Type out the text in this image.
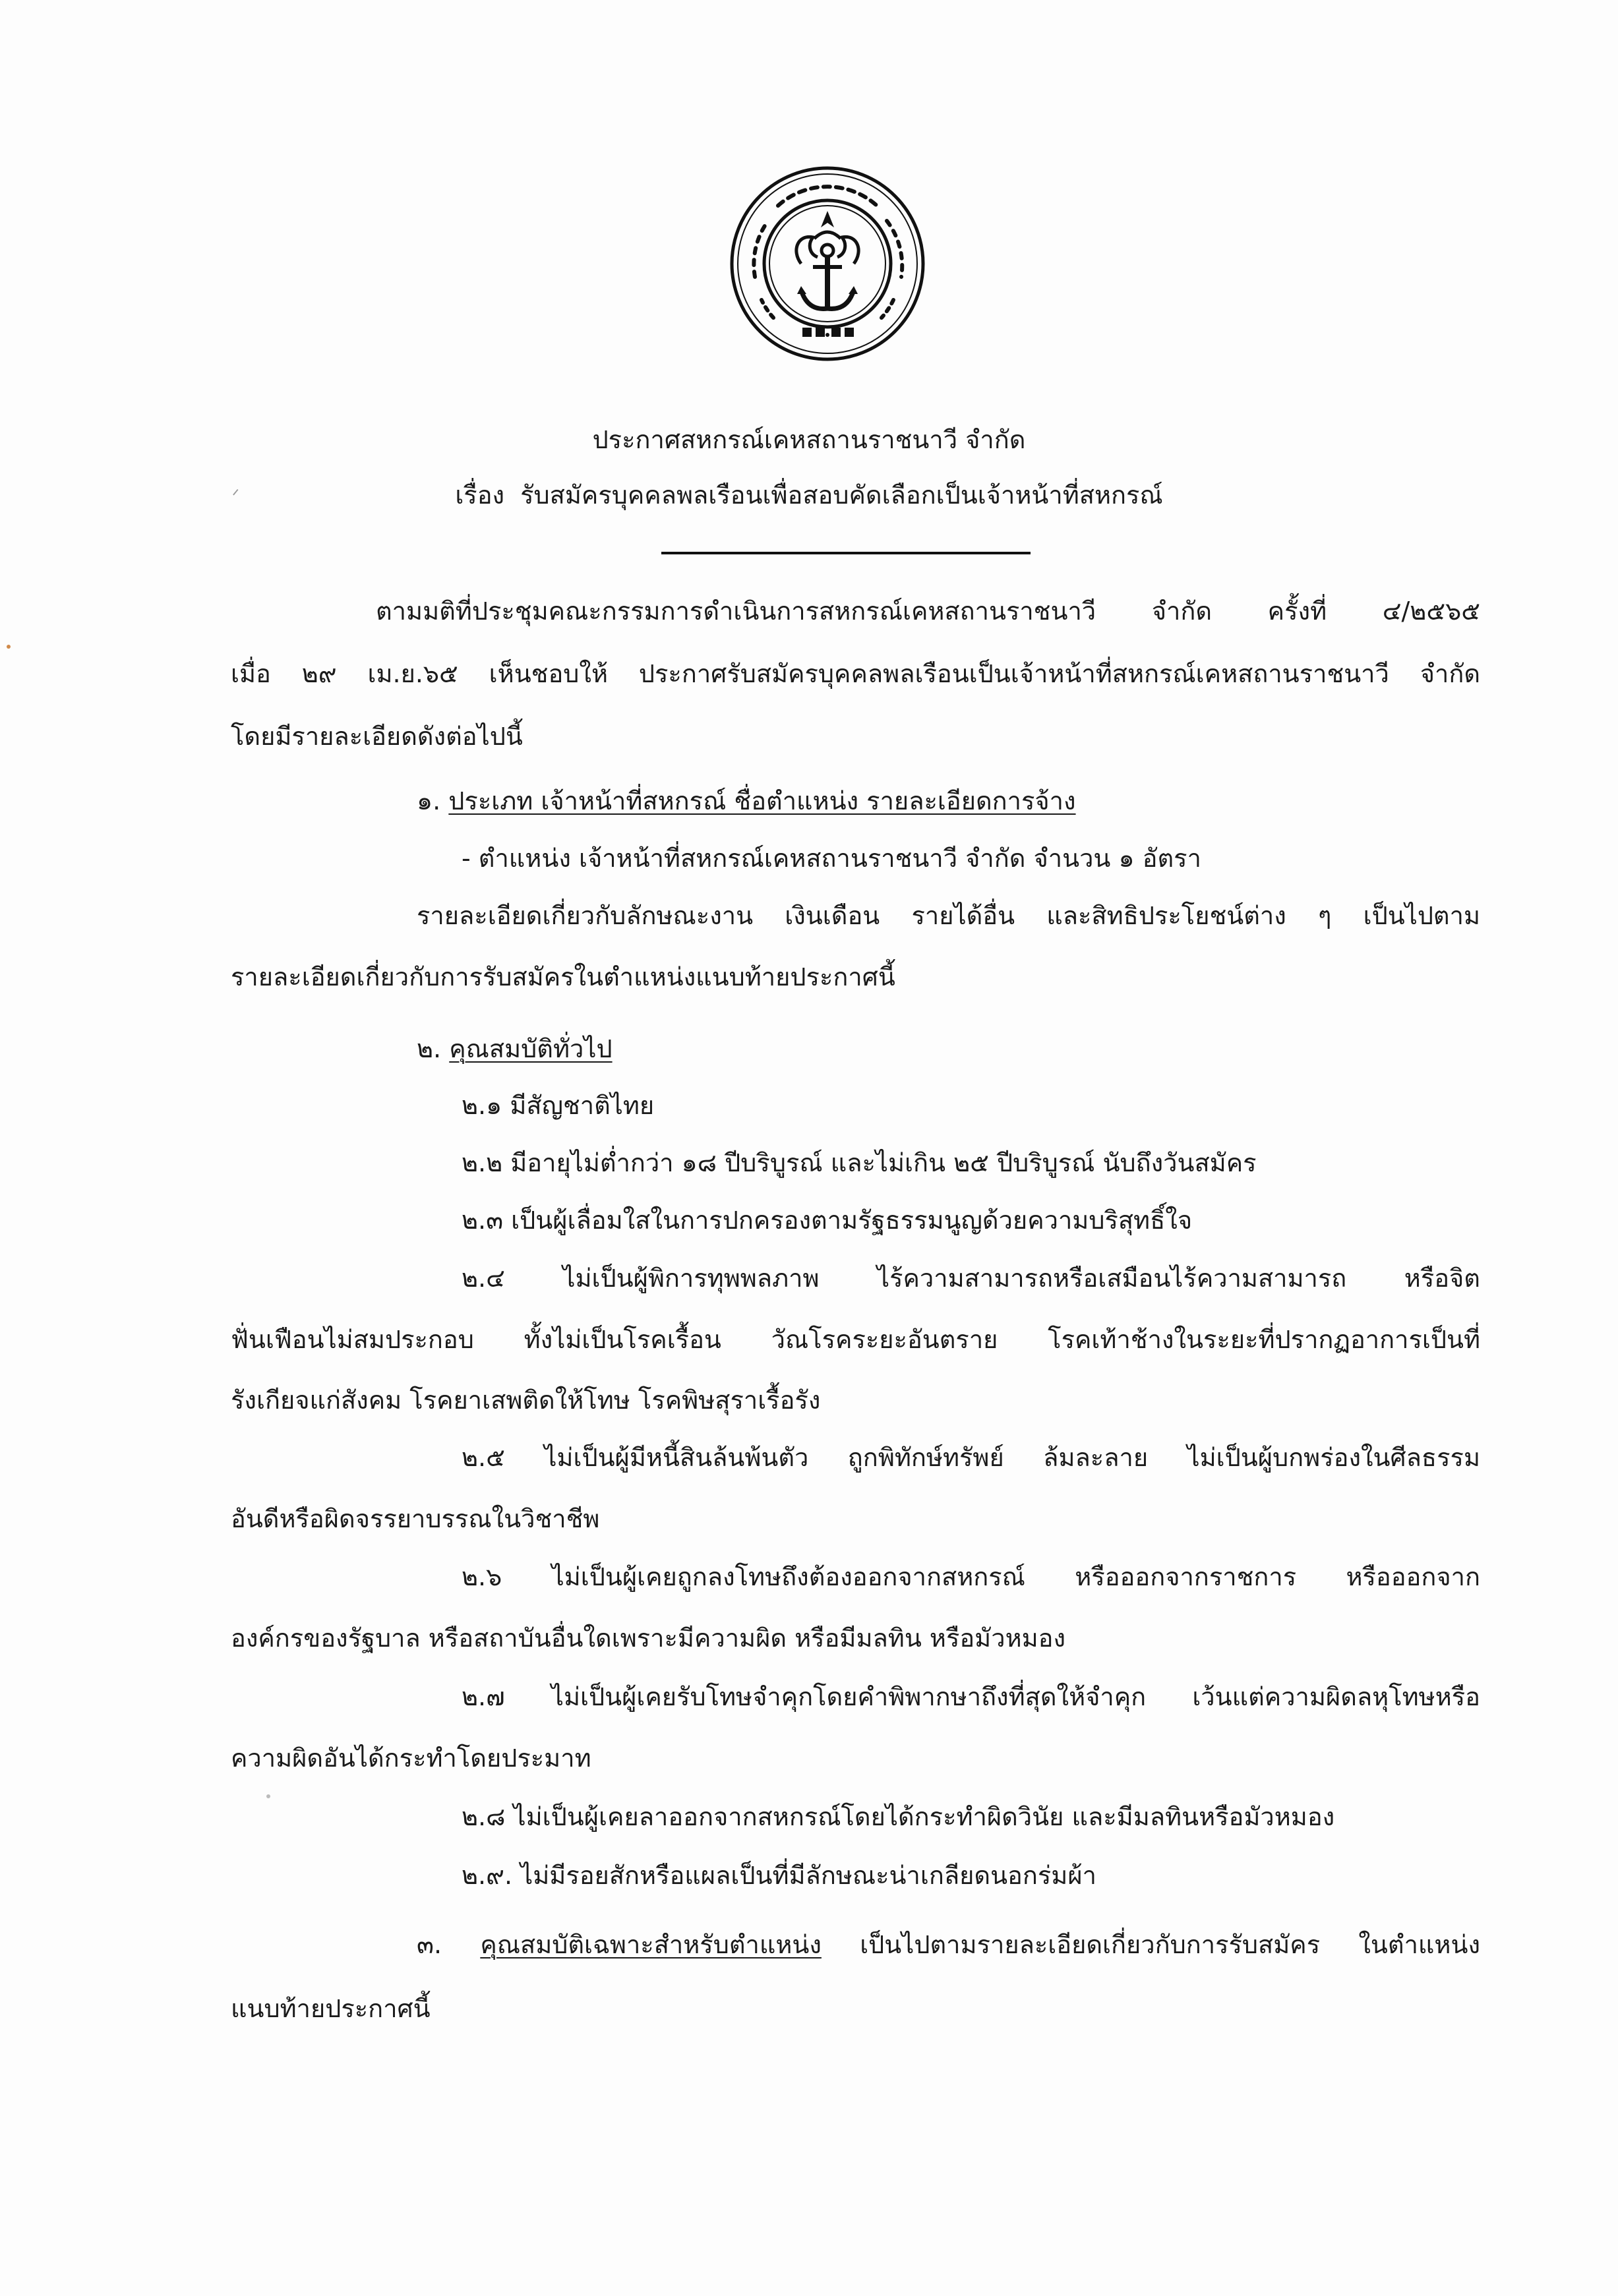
ประกาศสหกรณ์เคหสถานราชนาวี จำกัด
เรื่อง รับสมัครบุคคลพลเรือนเพื่อสอบคัดเลือกเป็นเจ้าหน้าที่สหกรณ์
ᐟ
ตามมติที่ประชุมคณะกรรมการดำเนินการสหกรณ์เคหสถานราชนาวี จำกัด ครั้งที่ ๔/๒๕๖๕
เมื่อ ๒๙ เม.ย.๖๕ เห็นชอบให้ ประกาศรับสมัครบุคคลพลเรือนเป็นเจ้าหน้าที่สหกรณ์เคหสถานราชนาวี จำกัด
โดยมีรายละเอียดดังต่อไปนี้
๑. ประเภท เจ้าหน้าที่สหกรณ์ ชื่อตำแหน่ง รายละเอียดการจ้าง
- ตำแหน่ง เจ้าหน้าที่สหกรณ์เคหสถานราชนาวี จำกัด จำนวน ๑ อัตรา
รายละเอียดเกี่ยวกับลักษณะงาน เงินเดือน รายได้อื่น และสิทธิประโยชน์ต่าง ๆ เป็นไปตาม
รายละเอียดเกี่ยวกับการรับสมัครในตำแหน่งแนบท้ายประกาศนี้
๒. คุณสมบัติทั่วไป
๒.๑ มีสัญชาติไทย
๒.๒ มีอายุไม่ต่ำกว่า ๑๘ ปีบริบูรณ์ และไม่เกิน ๒๕ ปีบริบูรณ์ นับถึงวันสมัคร
๒.๓ เป็นผู้เลื่อมใสในการปกครองตามรัฐธรรมนูญด้วยความบริสุทธิ์ใจ
๒.๔ ไม่เป็นผู้พิการทุพพลภาพ ไร้ความสามารถหรือเสมือนไร้ความสามารถ หรือจิต
ฟั่นเฟือนไม่สมประกอบ ทั้งไม่เป็นโรคเรื้อน วัณโรคระยะอันตราย โรคเท้าช้างในระยะที่ปรากฏอาการเป็นที่
รังเกียจแก่สังคม โรคยาเสพติดให้โทษ โรคพิษสุราเรื้อรัง
๒.๕ ไม่เป็นผู้มีหนี้สินล้นพ้นตัว ถูกพิทักษ์ทรัพย์ ล้มละลาย ไม่เป็นผู้บกพร่องในศีลธรรม
อันดีหรือผิดจรรยาบรรณในวิชาชีพ
๒.๖ ไม่เป็นผู้เคยถูกลงโทษถึงต้องออกจากสหกรณ์ หรือออกจากราชการ หรือออกจาก
องค์กรของรัฐบาล หรือสถาบันอื่นใดเพราะมีความผิด หรือมีมลทิน หรือมัวหมอง
๒.๗ ไม่เป็นผู้เคยรับโทษจำคุกโดยคำพิพากษาถึงที่สุดให้จำคุก เว้นแต่ความผิดลหุโทษหรือ
ความผิดอันได้กระทำโดยประมาท
๒.๘ ไม่เป็นผู้เคยลาออกจากสหกรณ์โดยได้กระทำผิดวินัย และมีมลทินหรือมัวหมอง
๒.๙. ไม่มีรอยสักหรือแผลเป็นที่มีลักษณะน่าเกลียดนอกร่มผ้า
๓. คุณสมบัติเฉพาะสำหรับตำแหน่ง เป็นไปตามรายละเอียดเกี่ยวกับการรับสมัคร ในตำแหน่ง
แนบท้ายประกาศนี้
